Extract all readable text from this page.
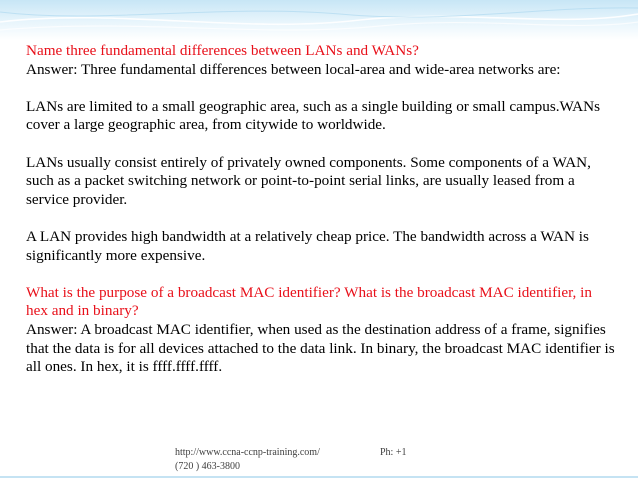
Name three fundamental differences between LANs and WANs?

Answer: Three fundamental differences between local-area and wide-area networks are:

LANs are limited to a small geographic area, such as a single building or small campus.WANs cover a large geographic area, from citywide to worldwide.

LANs usually consist entirely of privately owned components. Some components of a WAN, such as a packet switching network or point-to-point serial links, are usually leased from a service provider.

A LAN provides high bandwidth at a relatively cheap price. The bandwidth across a WAN is significantly more expensive.

What is the purpose of a broadcast MAC identifier? What is the broadcast MAC identifier, in hex and in binary?

Answer: A broadcast MAC identifier, when used as the destination address of a frame, signifies that the data is for all devices attached to the data link. In binary, the broadcast MAC identifier is all ones. In hex, it is ffff.ffff.ffff.

http://www.ccna-ccnp-training.com/
(720 ) 463-3800
Ph: +1
